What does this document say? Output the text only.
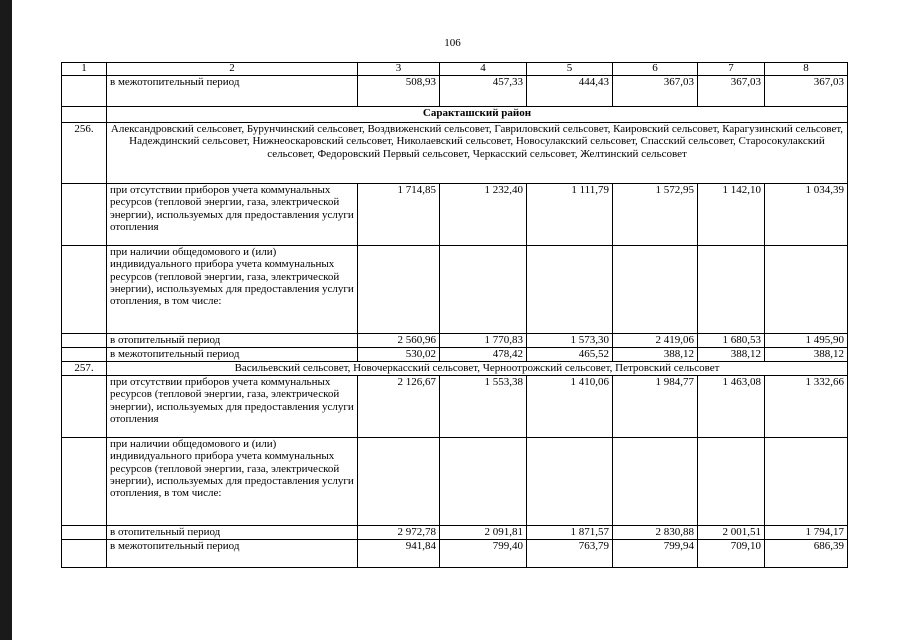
106
1	2	3	4	5	6	7	8
	в межотопительный период	508,93	457,33	444,43	367,03	367,03	367,03
	Саракташский район						
256.	Александровский сельсовет, Бурунчинский сельсовет, Воздвиженский сельсовет, Гавриловский сельсовет, Каировский сельсовет, Карагузинский сельсовет, Надеждинский сельсовет, Нижнеоскаровский сельсовет, Николаевский сельсовет, Новосулакский сельсовет, Спасский сельсовет, Старосокулакский сельсовет, Федоровский Первый сельсовет, Черкасский сельсовет, Желтинский сельсовет						
	при отсутствии приборов учета коммунальных ресурсов (тепловой энергии, газа, электрической энергии), используемых для предоставления услуги отопления	1 714,85	1 232,40	1 111,79	1 572,95	1 142,10	1 034,39
	при наличии общедомового и (или) индивидуального прибора учета коммунальных ресурсов (тепловой энергии, газа, электрической энергии), используемых для предоставления услуги отопления, в том числе:						
	в отопительный период	2 560,96	1 770,83	1 573,30	2 419,06	1 680,53	1 495,90
	в межотопительный период	530,02	478,42	465,52	388,12	388,12	388,12
257.	Васильевский сельсовет, Новочеркасский сельсовет, Черноотрожский сельсовет, Петровский сельсовет						
	при отсутствии приборов учета коммунальных ресурсов (тепловой энергии, газа, электрической энергии), используемых для предоставления услуги отопления	2 126,67	1 553,38	1 410,06	1 984,77	1 463,08	1 332,66
	при наличии общедомового и (или) индивидуального прибора учета коммунальных ресурсов (тепловой энергии, газа, электрической энергии), используемых для предоставления услуги отопления, в том числе:						
	в отопительный период	2 972,78	2 091,81	1 871,57	2 830,88	2 001,51	1 794,17
	в межотопительный период	941,84	799,40	763,79	799,94	709,10	686,39
